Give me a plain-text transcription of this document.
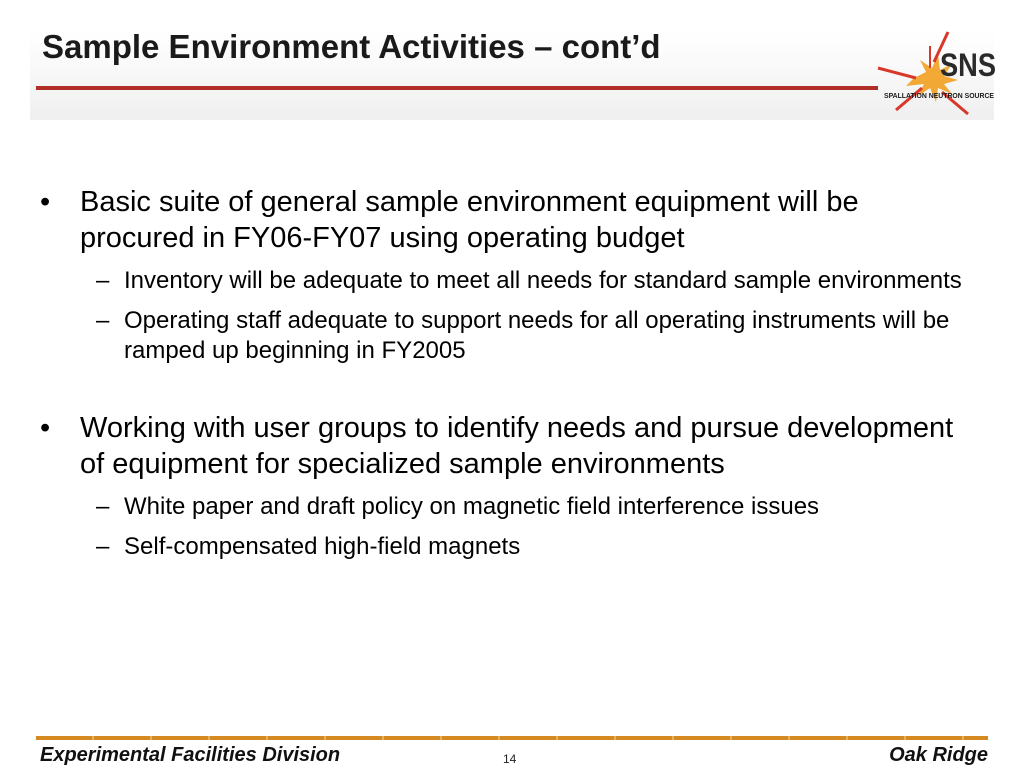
Sample Environment Activities – cont’d	SNS
SPALLATION NEUTRON SOURCE
• Basic suite of general sample environment equipment will be procured in FY06-FY07 using operating budget
– Inventory will be adequate to meet all needs for standard sample environments
– Operating staff adequate to support needs for all operating instruments will be ramped up beginning in FY2005
• Working with user groups to identify needs and pursue development of equipment for specialized sample environments
– White paper and draft policy on magnetic field interference issues
– Self-compensated high-field magnets
Experimental Facilities Division	14	Oak Ridge
